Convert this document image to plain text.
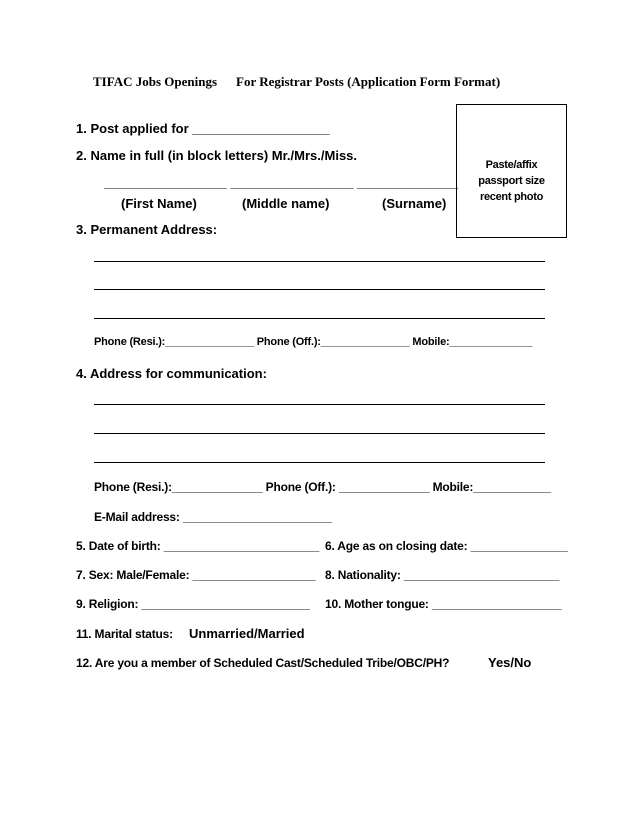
TIFAC Jobs Openings For Registrar Posts (Application Form Format)
Paste/affix
passport size
recent photo
1. Post applied for ___________________
2. Name in full (in block letters) Mr./Mrs./Miss.
_________________ _________________ ______________
(First Name)	(Middle name)	(Surname)
3. Permanent Address:
Phone (Resi.):_______________ Phone (Off.):_______________ Mobile:______________
4. Address for communication:
Phone (Resi.):______________ Phone (Off.): ______________ Mobile:____________
E-Mail address: _______________________
5. Date of birth: ________________________ 6. Age as on closing date: _______________
7. Sex: Male/Female: ___________________ 8. Nationality: ________________________
9. Religion: __________________________ 10. Mother tongue: ____________________
11. Marital status: Unmarried/Married
12. Are you a member of Scheduled Cast/Scheduled Tribe/OBC/PH?	Yes/No
